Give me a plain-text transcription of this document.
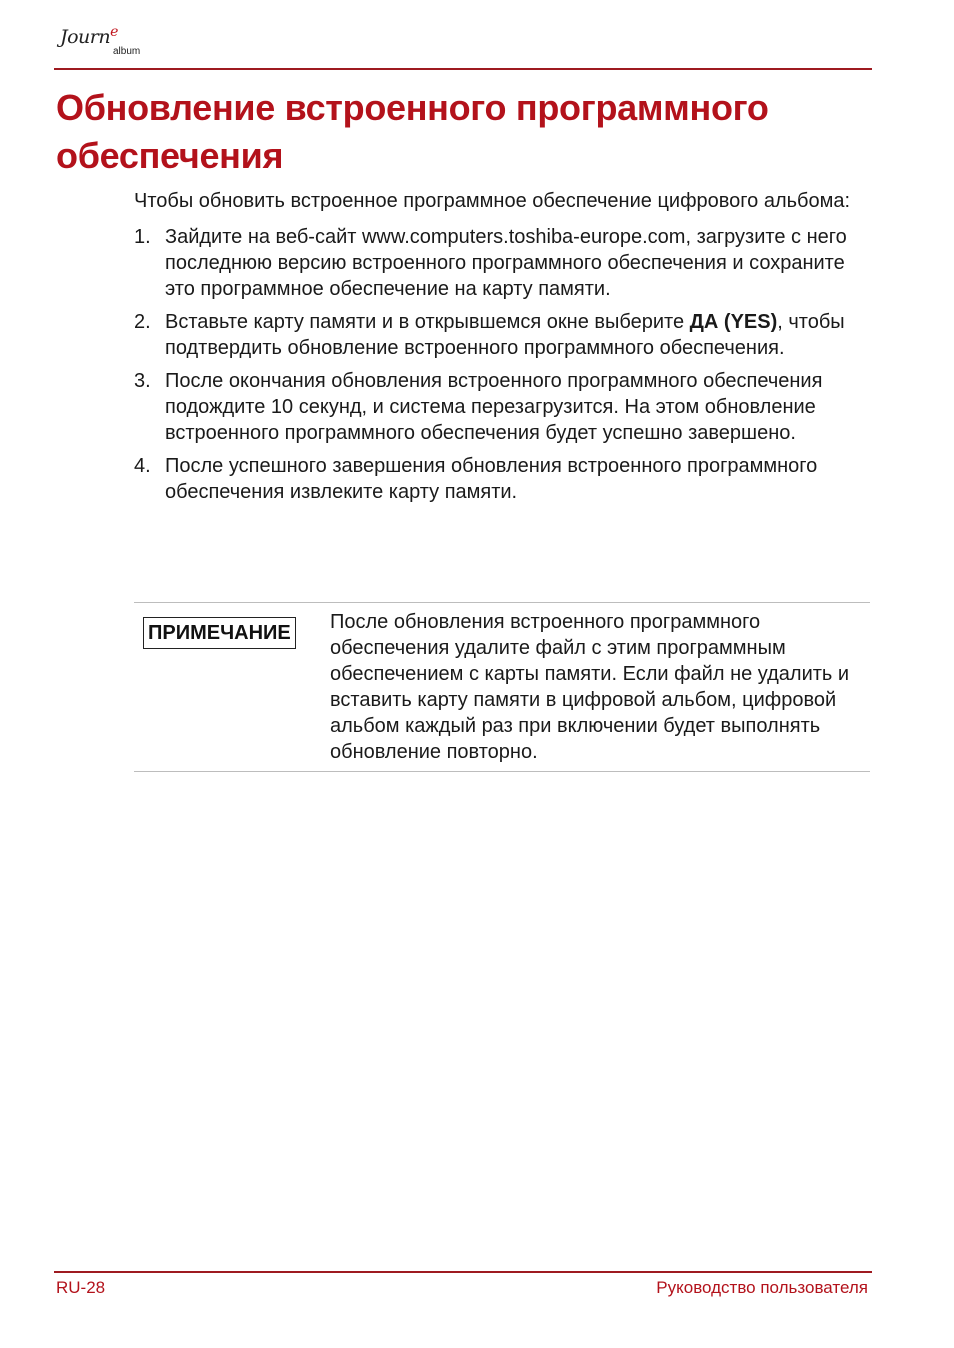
Journ$^e$
album
Обновление встроенного программного обеспечения

Чтобы обновить встроенное программное обеспечение цифрового альбома:

1. Зайдите на веб-сайт www.computers.toshiba-europe.com, загрузите с него последнюю версию встроенного программного обеспечения и сохраните это программное обеспечение на карту памяти.
2. Вставьте карту памяти и в открывшемся окне выберите ДА (YES), чтобы подтвердить обновление встроенного программного обеспечения.
3. После окончания обновления встроенного программного обеспечения подождите 10 секунд, и система перезагрузится. На этом обновление встроенного программного обеспечения будет успешно завершено.
4. После успешного завершения обновления встроенного программного обеспечения извлеките карту памяти.
ПРИМЕЧАНИЕ После обновления встроенного программного обеспечения удалите файл с этим программным обеспечением с карты памяти. Если файл не удалить и вставить карту памяти в цифровой альбом, цифровой альбом каждый раз при включении будет выполнять обновление повторно.
RU-28	Руководство пользователя
